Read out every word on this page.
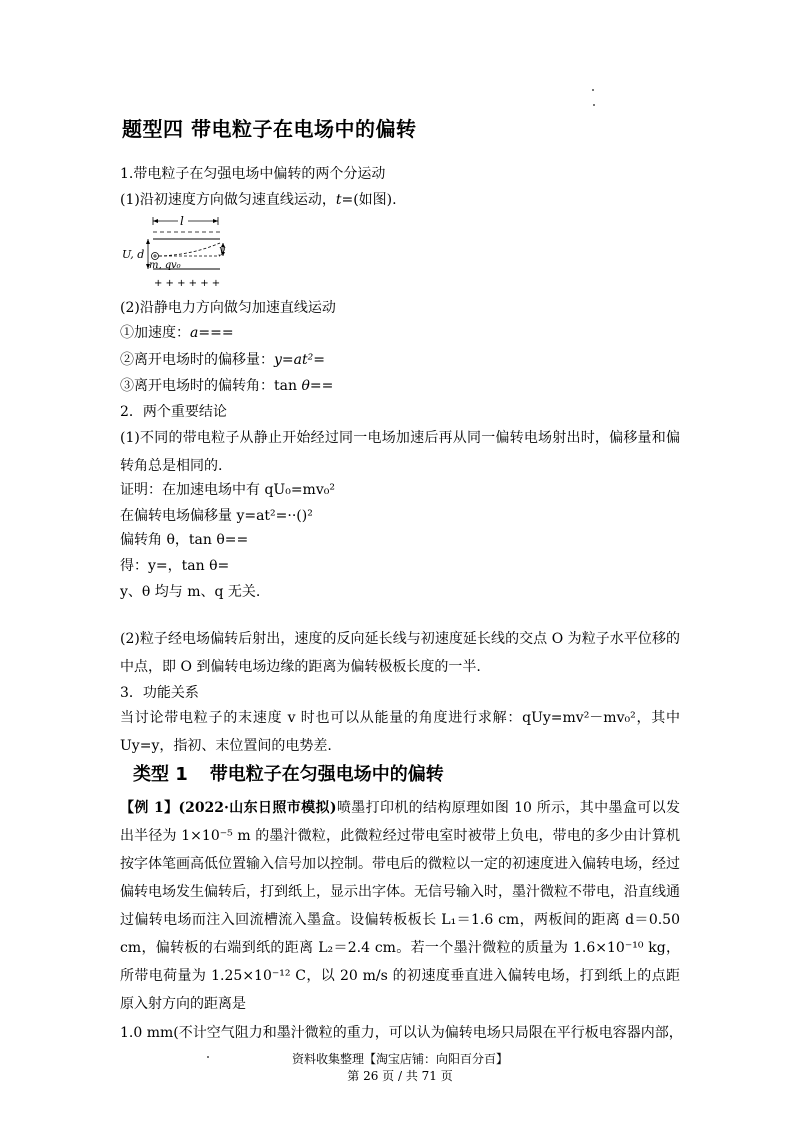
题型四 带电粒子在电场中的偏转
1.带电粒子在匀强电场中偏转的两个分运动
(1)沿初速度方向做匀速直线运动，t=(如图).
l
U, d	y
m, q v₀
+ + + + + +
(2)沿静电力方向做匀加速直线运动
①加速度：a===
②离开电场时的偏移量：y=at²=
③离开电场时的偏转角：tan θ==
2．两个重要结论
(1)不同的带电粒子从静止开始经过同一电场加速后再从同一偏转电场射出时，偏移量和偏转角总是相同的.
证明：在加速电场中有 qU₀=mv₀²
在偏转电场偏移量 y=at²=··()²
偏转角 θ，tan θ==
得：y=，tan θ=
y、θ 均与 m、q 无关.
(2)粒子经电场偏转后射出，速度的反向延长线与初速度延长线的交点 O 为粒子水平位移的中点，即 O 到偏转电场边缘的距离为偏转极板长度的一半.
3．功能关系
当讨论带电粒子的末速度 v 时也可以从能量的角度进行求解：qUy=mv²－mv₀²，其中 Uy=y，指初、末位置间的电势差.
类型 1 带电粒子在匀强电场中的偏转
【例 1】(2022·山东日照市模拟)喷墨打印机的结构原理如图 10 所示，其中墨盒可以发出半径为 1×10⁻⁵ m 的墨汁微粒，此微粒经过带电室时被带上负电，带电的多少由计算机按字体笔画高低位置输入信号加以控制。带电后的微粒以一定的初速度进入偏转电场，经过偏转电场发生偏转后，打到纸上，显示出字体。无信号输入时，墨汁微粒不带电，沿直线通过偏转电场而注入回流槽流入墨盒。设偏转板板长 L₁＝1.6 cm，两板间的距离 d＝0.50 cm，偏转板的右端到纸的距离 L₂＝2.4 cm。若一个墨汁微粒的质量为 1.6×10⁻¹⁰ kg，所带电荷量为 1.25×10⁻¹² C，以 20 m/s 的初速度垂直进入偏转电场，打到纸上的点距原入射方向的距离是
1.0 mm(不计空气阻力和墨汁微粒的重力，可以认为偏转电场只局限在平行板电容器内部，
资料收集整理【淘宝店铺：向阳百分百】
第 26 页 / 共 71 页
